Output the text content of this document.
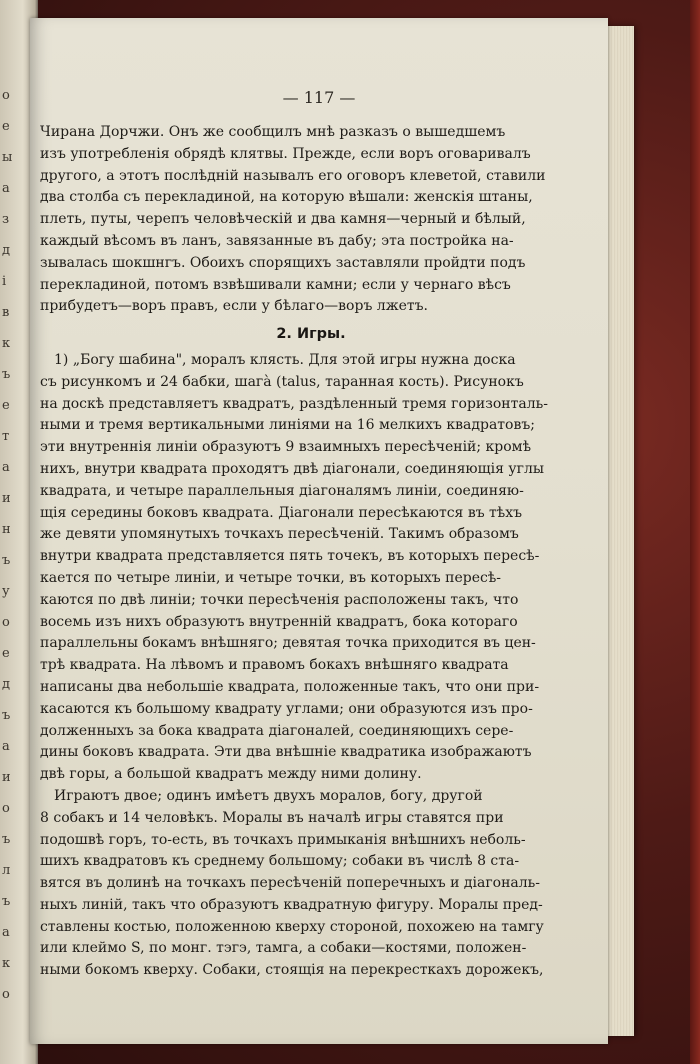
о
е
ы
а
з
д
і
в
к
ъ
е
т
а
и
н
ъ
у
о
е
д
ъ
а
и
о
ъ
л
ъ
а
к
о
— 117 —
Чирана Дорчжи. Онъ же сообщилъ мнѣ разказъ о вышедшемъ
изъ употребленія обрядѣ клятвы. Прежде, если воръ оговаривалъ
другого, а этотъ послѣдній называлъ его оговоръ клеветой, ставили
два столба съ перекладиной, на которую вѣшали: женскія штаны,
плеть, путы, черепъ человѣческій и два камня—черный и бѣлый,
каждый вѣсомъ въ ланъ, завязанные въ дабу; эта постройка на-
зывалась шокшнгъ. Обоихъ спорящихъ заставляли пройдти подъ
перекладиной, потомъ взвѣшивали камни; если у чернаго вѣсъ
прибудетъ—воръ правъ, если у бѣлаго—воръ лжетъ.
2. Игры.
1) „Богу шабина", моралъ клясть. Для этой игры нужна доска
съ рисункомъ и 24 бабки, шагà (talus, таранная кость). Рисунокъ
на доскѣ представляетъ квадратъ, раздѣленный тремя горизонталь-
ными и тремя вертикальными линіями на 16 мелкихъ квадратовъ;
эти внутреннія линіи образуютъ 9 взаимныхъ пересѣченій; кромѣ
нихъ, внутри квадрата проходятъ двѣ діагонали, соединяющія углы
квадрата, и четыре параллельныя діагоналямъ линіи, соединяю-
щія середины боковъ квадрата. Діагонали пересѣкаются въ тѣхъ
же девяти упомянутыхъ точкахъ пересѣченій. Такимъ образомъ
внутри квадрата представляется пять точекъ, въ которыхъ пересѣ-
кается по четыре линіи, и четыре точки, въ которыхъ пересѣ-
каются по двѣ линіи; точки пересѣченія расположены такъ, что
восемь изъ нихъ образуютъ внутренній квадратъ, бока котораго
параллельны бокамъ внѣшняго; девятая точка приходится въ цен-
трѣ квадрата. На лѣвомъ и правомъ бокахъ внѣшняго квадрата
написаны два небольшіе квадрата, положенные такъ, что они при-
касаются къ большому квадрату углами; они образуются изъ про-
долженныхъ за бока квадрата діагоналей, соединяющихъ сере-
дины боковъ квадрата. Эти два внѣшніе квадратика изображаютъ
двѣ горы, а большой квадратъ между ними долину.
Играютъ двое; одинъ имѣетъ двухъ моралов, богу, другой
8 собакъ и 14 человѣкъ. Моралы въ началѣ игры ставятся при
подошвѣ горъ, то-есть, въ точкахъ примыканія внѣшнихъ неболь-
шихъ квадратовъ къ среднему большому; собаки въ числѣ 8 ста-
вятся въ долинѣ на точкахъ пересѣченій поперечныхъ и діагональ-
ныхъ линій, такъ что образуютъ квадратную фигуру. Моралы пред-
ставлены костью, положенною кверху стороной, похожею на тамгу
или клеймо S, по монг. тэгэ, тамга, а собаки—костями, положен-
ными бокомъ кверху. Собаки, стоящія на перекресткахъ дорожекъ,
